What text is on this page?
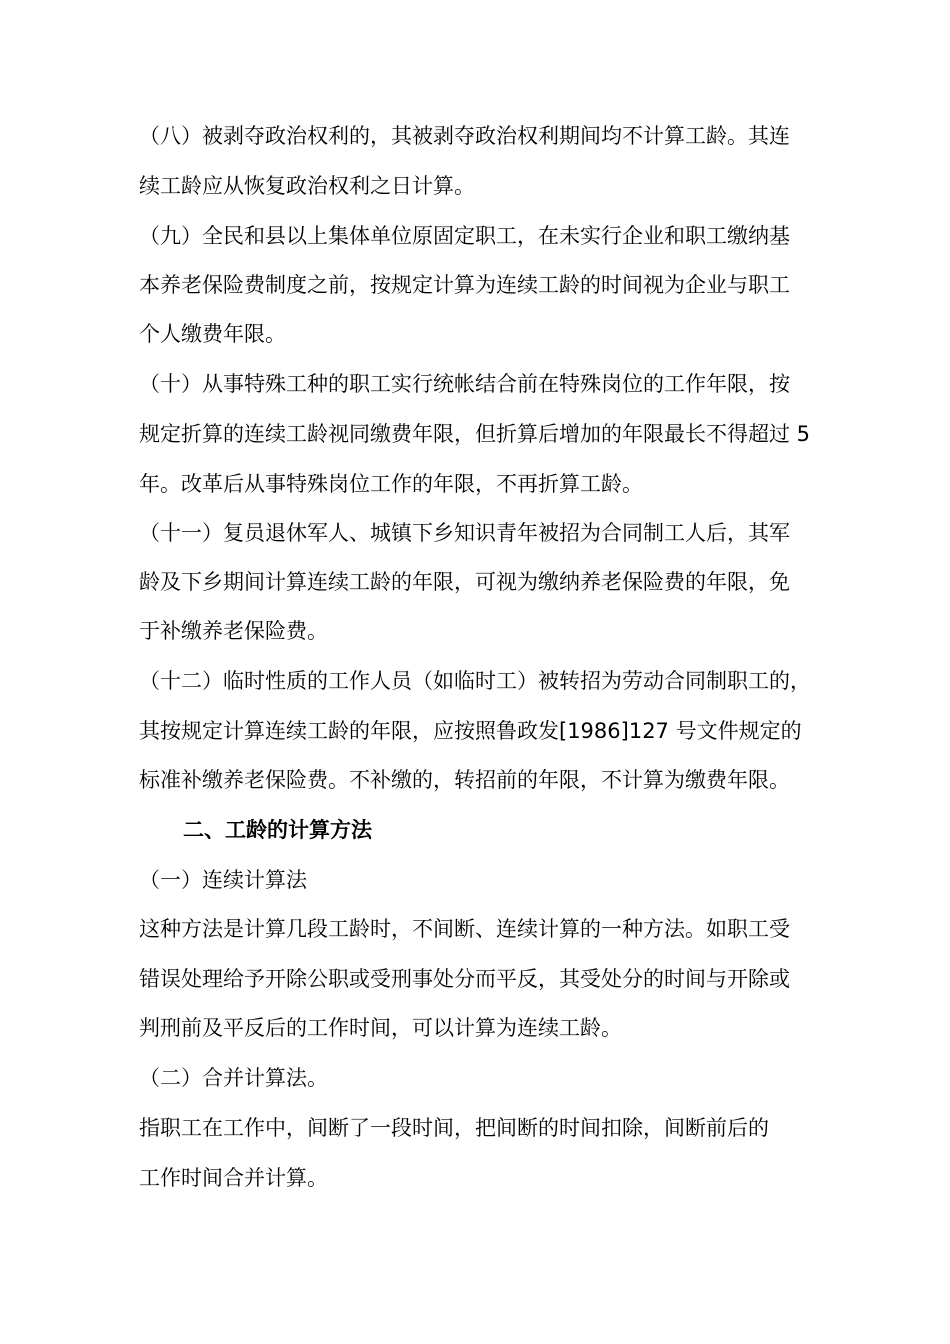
（八）被剥夺政治权利的，其被剥夺政治权利期间均不计算工龄。其连
续工龄应从恢复政治权利之日计算。
（九）全民和县以上集体单位原固定职工，在未实行企业和职工缴纳基
本养老保险费制度之前，按规定计算为连续工龄的时间视为企业与职工
个人缴费年限。
（十）从事特殊工种的职工实行统帐结合前在特殊岗位的工作年限，按
规定折算的连续工龄视同缴费年限，但折算后增加的年限最长不得超过 5
年。改革后从事特殊岗位工作的年限，不再折算工龄。
（十一）复员退休军人、城镇下乡知识青年被招为合同制工人后，其军
龄及下乡期间计算连续工龄的年限，可视为缴纳养老保险费的年限，免
于补缴养老保险费。
（十二）临时性质的工作人员（如临时工）被转招为劳动合同制职工的，
其按规定计算连续工龄的年限，应按照鲁政发[1986]127 号文件规定的
标准补缴养老保险费。不补缴的，转招前的年限，不计算为缴费年限。
二、工龄的计算方法
（一）连续计算法
这种方法是计算几段工龄时，不间断、连续计算的一种方法。如职工受
错误处理给予开除公职或受刑事处分而平反，其受处分的时间与开除或
判刑前及平反后的工作时间，可以计算为连续工龄。
（二）合并计算法。
指职工在工作中，间断了一段时间，把间断的时间扣除，间断前后的
工作时间合并计算。
